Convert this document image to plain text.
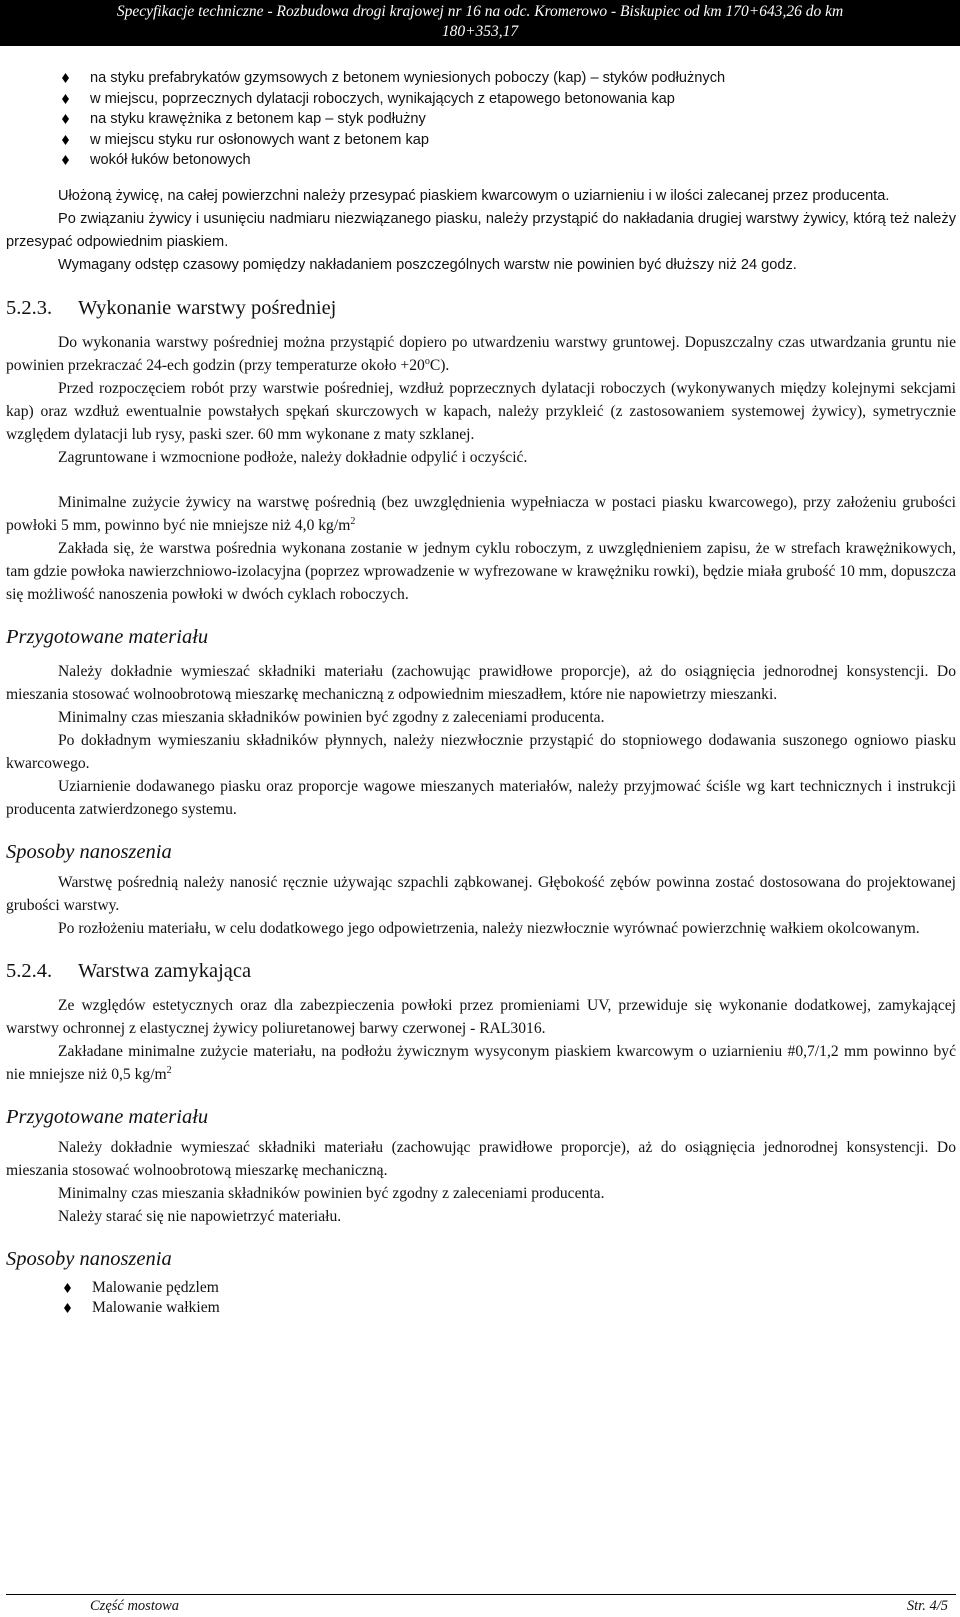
Specyfikacje techniczne - Rozbudowa drogi krajowej nr 16 na odc. Kromerowo - Biskupiec od km 170+643,26 do km
180+353,17
na styku prefabrykatów gzymsowych z betonem wyniesionych poboczy (kap) – styków podłużnych
w miejscu, poprzecznych dylatacji roboczych, wynikających z etapowego betonowania kap
na styku krawężnika z betonem kap – styk podłużny
w miejscu styku rur osłonowych want z betonem kap
wokół łuków betonowych

Ułożoną żywicę, na całej powierzchni należy przesypać piaskiem kwarcowym o uziarnieniu i w ilości zalecanej przez producenta.

Po związaniu żywicy i usunięciu nadmiaru niezwiązanego piasku, należy przystąpić do nakładania drugiej warstwy żywicy, którą też należy przesypać odpowiednim piaskiem.

Wymagany odstęp czasowy pomiędzy nakładaniem poszczególnych warstw nie powinien być dłuższy niż 24 godz.

5.2.3. Wykonanie warstwy pośredniej

Do wykonania warstwy pośredniej można przystąpić dopiero po utwardzeniu warstwy gruntowej. Dopuszczalny czas utwardzania gruntu nie powinien przekraczać 24-ech godzin (przy temperaturze około $+20^oC$).

Przed rozpoczęciem robót przy warstwie pośredniej, wzdłuż poprzecznych dylatacji roboczych (wykonywanych między kolejnymi sekcjami kap) oraz wzdłuż ewentualnie powstałych spękań skurczowych w kapach, należy przykleić (z zastosowaniem systemowej żywicy), symetrycznie względem dylatacji lub rysy, paski szer. 60 mm wykonane z maty szklanej.

Zagruntowane i wzmocnione podłoże, należy dokładnie odpylić i oczyścić.

Minimalne zużycie żywicy na warstwę pośrednią (bez uwzględnienia wypełniacza w postaci piasku kwarcowego), przy założeniu grubości powłoki 5 mm, powinno być nie mniejsze niż 4,0 $kg/m^2$

Zakłada się, że warstwa pośrednia wykonana zostanie w jednym cyklu roboczym, z uwzględnieniem zapisu, że w strefach krawężnikowych, tam gdzie powłoka nawierzchniowo-izolacyjna (poprzez wprowadzenie w wyfrezowane w krawężniku rowki), będzie miała grubość 10 mm, dopuszcza się możliwość nanoszenia powłoki w dwóch cyklach roboczych.

Przygotowane materiału

Należy dokładnie wymieszać składniki materiału (zachowując prawidłowe proporcje), aż do osiągnięcia jednorodnej konsystencji. Do mieszania stosować wolnoobrotową mieszarkę mechaniczną z odpowiednim mieszadłem, które nie napowietrzy mieszanki.

Minimalny czas mieszania składników powinien być zgodny z zaleceniami producenta.

Po dokładnym wymieszaniu składników płynnych, należy niezwłocznie przystąpić do stopniowego dodawania suszonego ogniowo piasku kwarcowego.

Uziarnienie dodawanego piasku oraz proporcje wagowe mieszanych materiałów, należy przyjmować ściśle wg kart technicznych i instrukcji producenta zatwierdzonego systemu.

Sposoby nanoszenia

Warstwę pośrednią należy nanosić ręcznie używając szpachli ząbkowanej. Głębokość zębów powinna zostać dostosowana do projektowanej grubości warstwy.

Po rozłożeniu materiału, w celu dodatkowego jego odpowietrzenia, należy niezwłocznie wyrównać powierzchnię wałkiem okolcowanym.

5.2.4. Warstwa zamykająca

Ze względów estetycznych oraz dla zabezpieczenia powłoki przez promieniami UV, przewiduje się wykonanie dodatkowej, zamykającej warstwy ochronnej z elastycznej żywicy poliuretanowej barwy czerwonej - RAL3016.

Zakładane minimalne zużycie materiału, na podłożu żywicznym wysyconym piaskiem kwarcowym o uziarnieniu #0,7/1,2 mm powinno być nie mniejsze niż 0,5 $kg/m^2$

Przygotowane materiału

Należy dokładnie wymieszać składniki materiału (zachowując prawidłowe proporcje), aż do osiągnięcia jednorodnej konsystencji. Do mieszania stosować wolnoobrotową mieszarkę mechaniczną.

Minimalny czas mieszania składników powinien być zgodny z zaleceniami producenta.

Należy starać się nie napowietrzyć materiału.

Sposoby nanoszenia
Malowanie pędzlem
Malowanie wałkiem
Część mostowa	Str. 4/5
